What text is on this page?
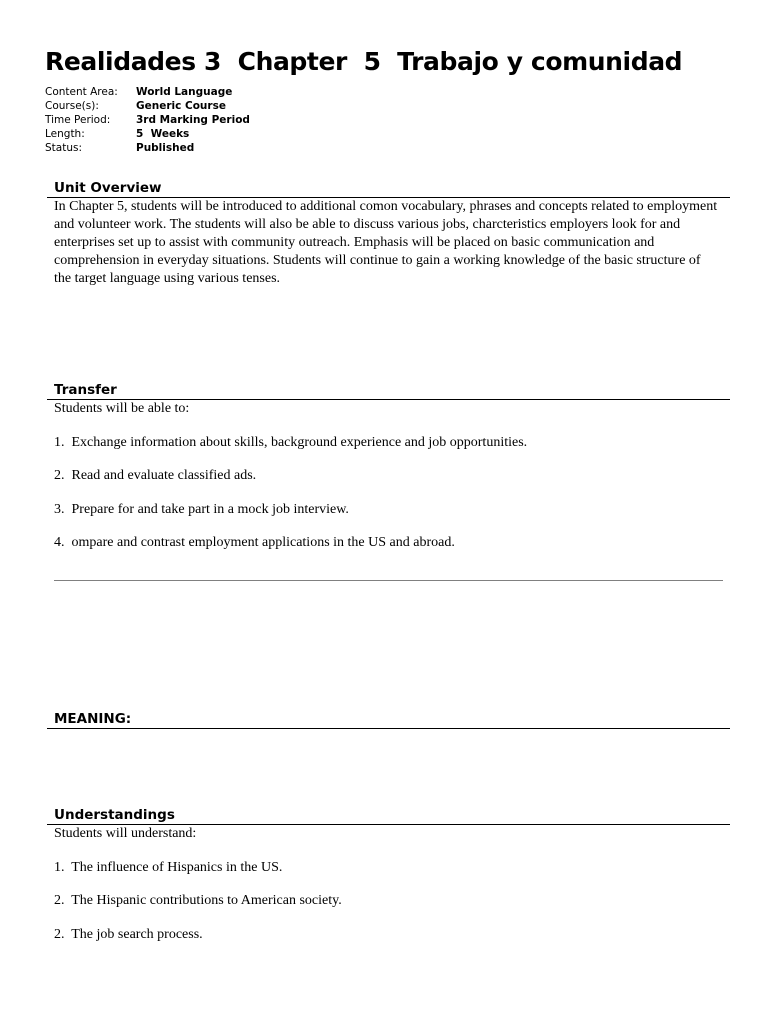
Realidades 3  Chapter  5  Trabajo y comunidad
Content Area:	World Language
Course(s):	Generic Course
Time Period:	3rd Marking Period
Length:	5  Weeks
Status:	Published
Unit Overview

In Chapter 5, students will be introduced to additional comon vocabulary, phrases and concepts related to employment and volunteer work. The students will also be able to discuss various jobs, charcteristics employers look for and enterprises set up to assist with community outreach. Emphasis will be placed on basic communication and comprehension in everyday situations. Students will continue to gain a working knowledge of the basic structure of the target language using various tenses.

Transfer

Students will be able to:

1.  Exchange information about skills, background experience and job opportunities.
2.  Read and evaluate classified ads.
3.  Prepare for and take part in a mock job interview.
4.  ompare and contrast employment applications in the US and abroad.
MEANING:
Understandings

Students will understand:

1.  The influence of Hispanics in the US.
2.  The Hispanic contributions to American society.
2.  The job search process.
